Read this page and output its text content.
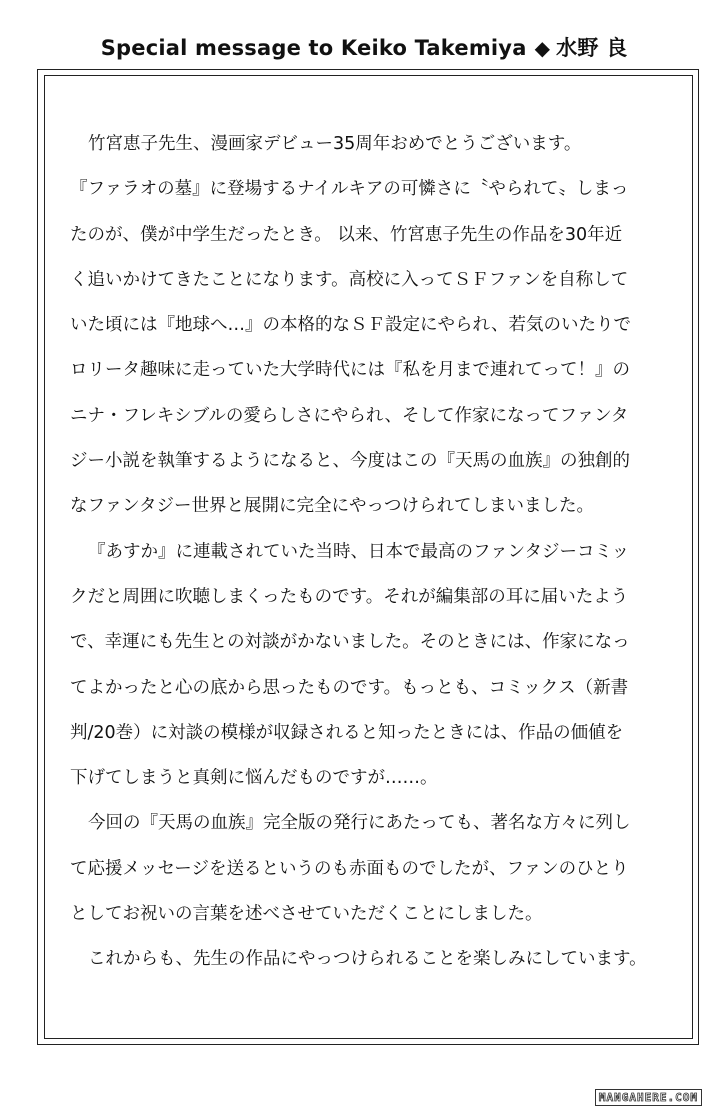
Special message to Keiko Takemiya ◆ 水野 良
竹宮恵子先生、漫画家デビュー35周年おめでとうございます。
『ファラオの墓』に登場するナイルキアの可憐さに〝やられて〟しまっ
たのが、僕が中学生だったとき。 以来、竹宮恵子先生の作品を30年近
く追いかけてきたことになります。高校に入ってＳＦファンを自称して
いた頃には『地球へ…』の本格的なＳＦ設定にやられ、若気のいたりで
ロリータ趣味に走っていた大学時代には『私を月まで連れてって！』の
ニナ・フレキシブルの愛らしさにやられ、そして作家になってファンタ
ジー小説を執筆するようになると、今度はこの『天馬の血族』の独創的
なファンタジー世界と展開に完全にやっつけられてしまいました。
『あすか』に連載されていた当時、日本で最高のファンタジーコミッ
クだと周囲に吹聴しまくったものです。それが編集部の耳に届いたよう
で、幸運にも先生との対談がかないました。そのときには、作家になっ
てよかったと心の底から思ったものです。もっとも、コミックス（新書
判/20巻）に対談の模様が収録されると知ったときには、作品の価値を
下げてしまうと真剣に悩んだものですが……。
今回の『天馬の血族』完全版の発行にあたっても、著名な方々に列し
て応援メッセージを送るというのも赤面ものでしたが、ファンのひとり
としてお祝いの言葉を述べさせていただくことにしました。
これからも、先生の作品にやっつけられることを楽しみにしています。
MANGAHERE.COM
